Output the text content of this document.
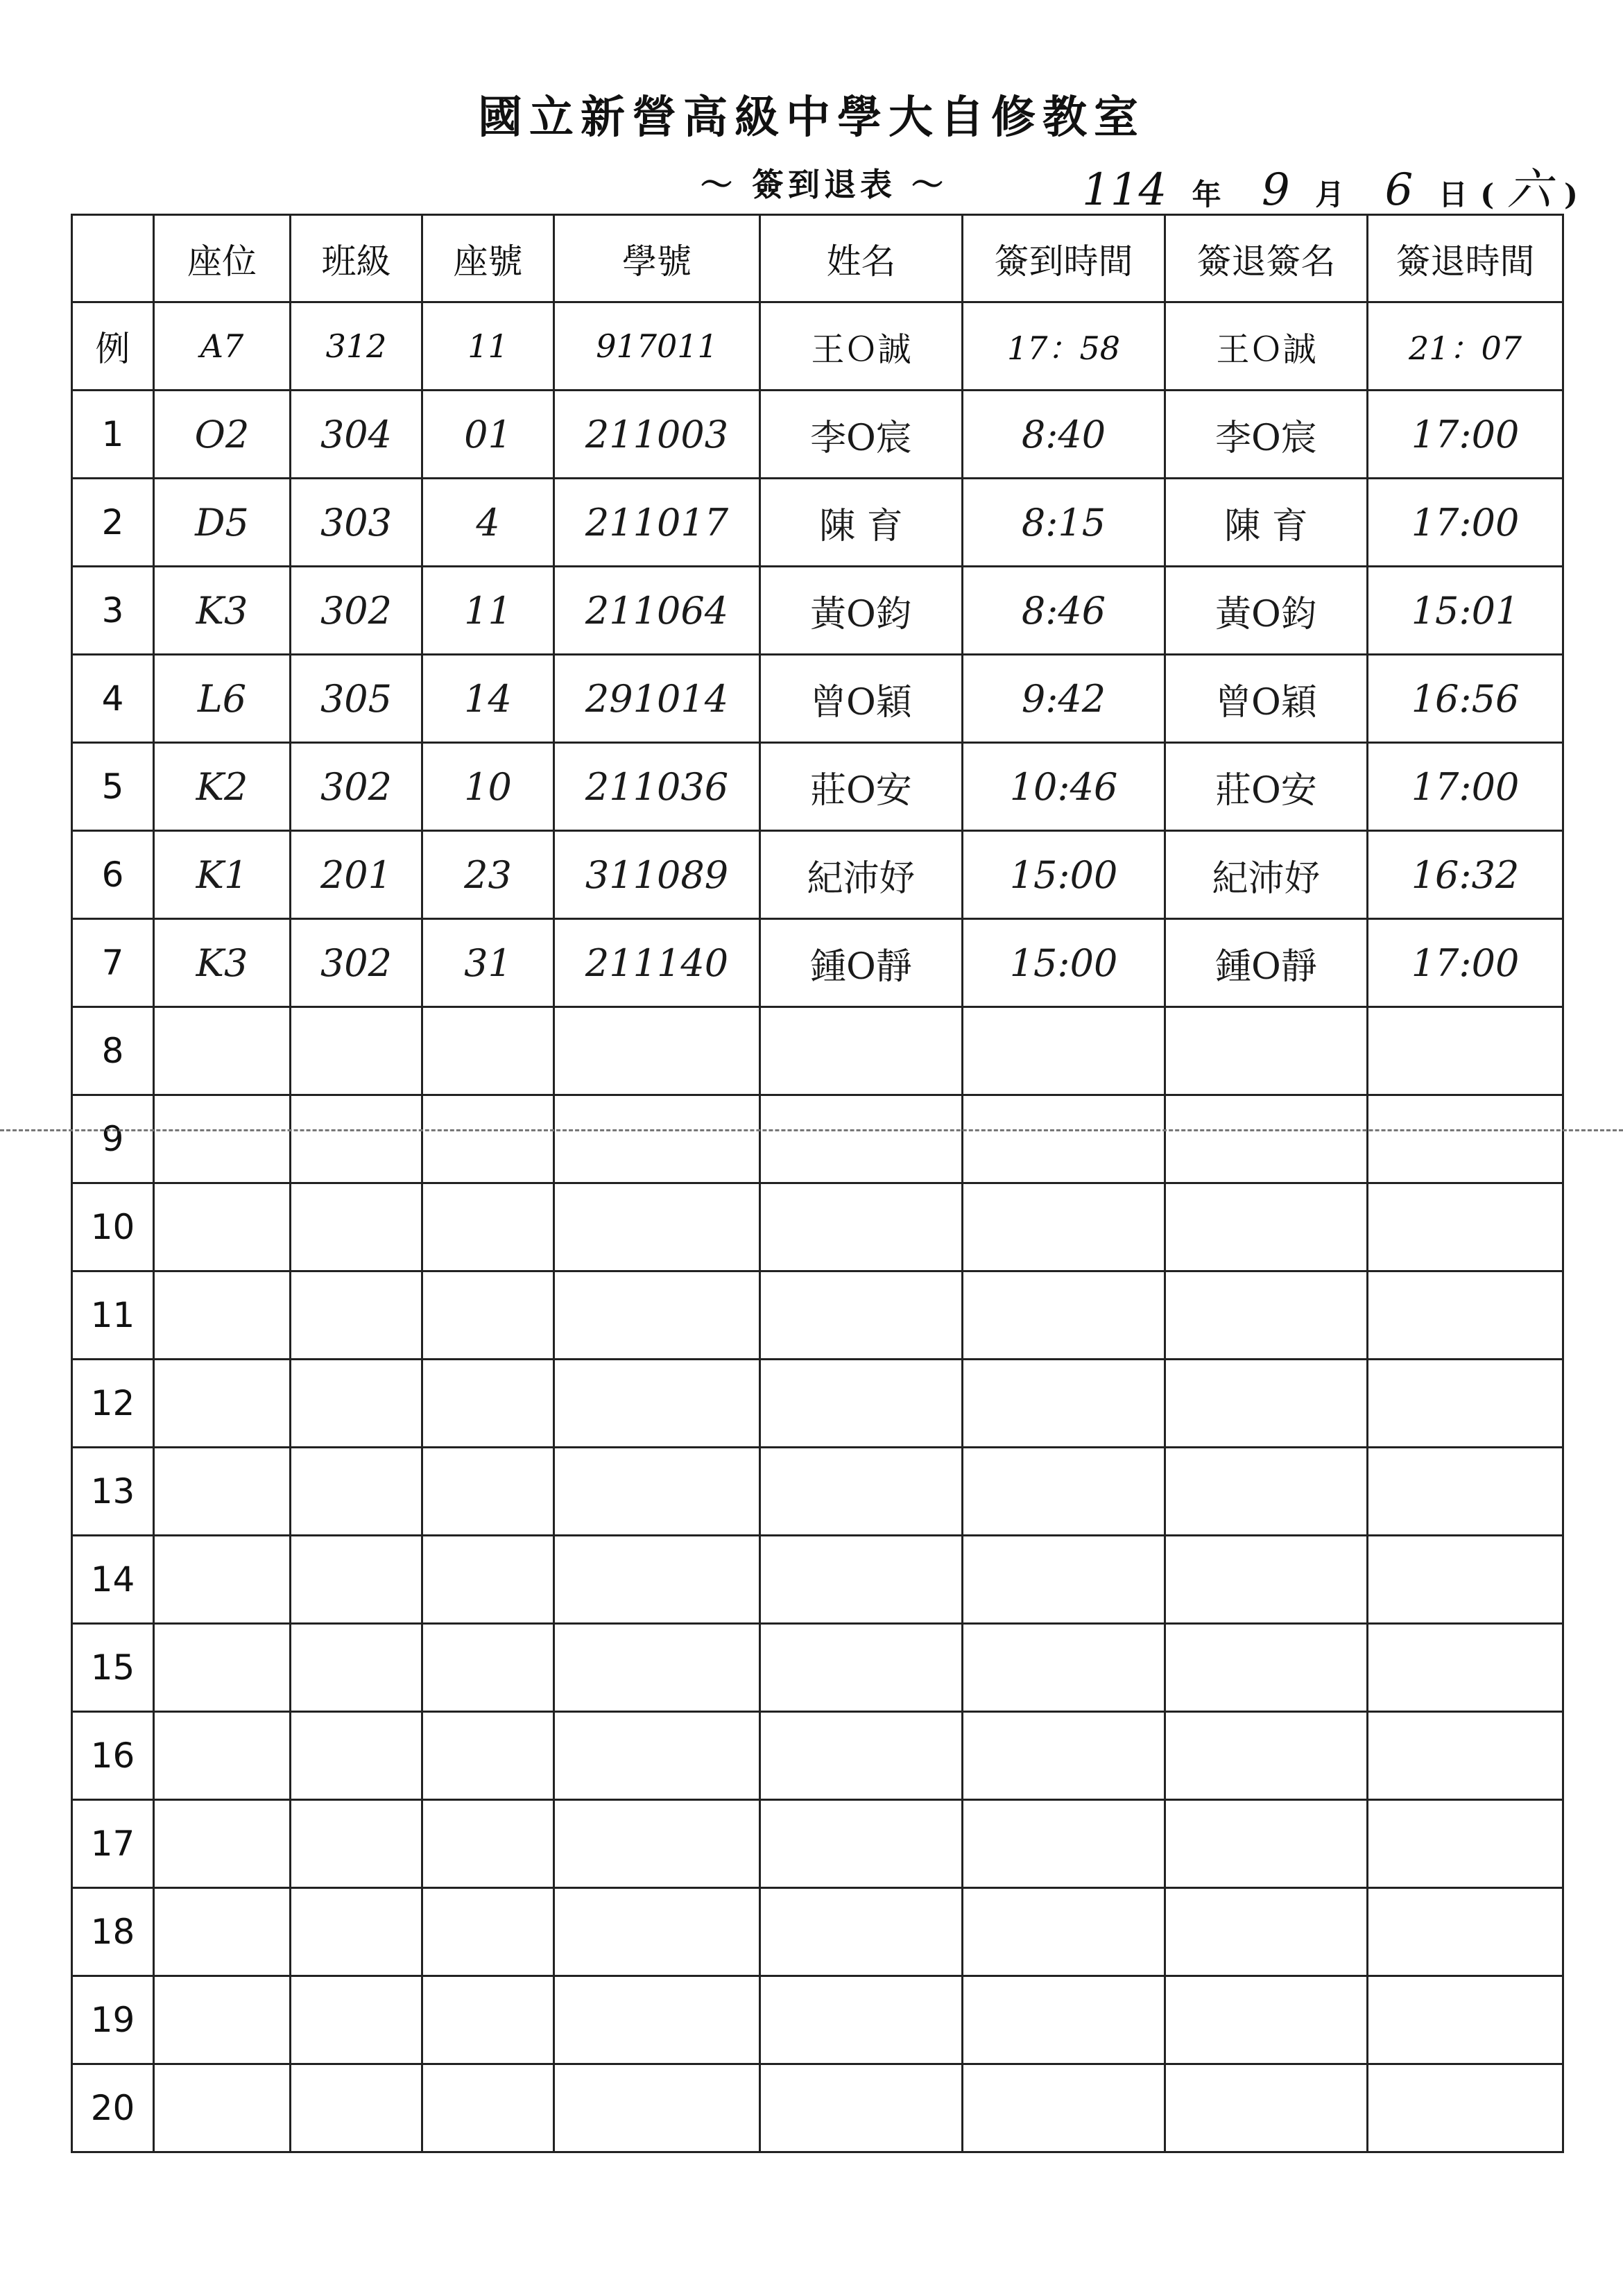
國立新營高級中學大自修教室
～ 簽到退表 ～	114 年 9 月 6 日 ( 六 )
	座位	班級	座號	學號	姓名	簽到時間	簽退簽名	簽退時間
例	A7	312	11	917011	王Ｏ誠	17：58	王Ｏ誠	21：07
1	O2	304	01	211003	李O宸	8:40	李O宸	17:00
2	D5	303	4	211017	陳 育	8:15	陳 育	17:00
3	K3	302	11	211064	黃O鈞	8:46	黃O鈞	15:01
4	L6	305	14	291014	曾O穎	9:42	曾O穎	16:56
5	K2	302	10	211036	莊O安	10:46	莊O安	17:00
6	K1	201	23	311089	紀沛妤	15:00	紀沛妤	16:32
7	K3	302	31	211140	鍾O靜	15:00	鍾O靜	17:00
8								
9								
10								
11								
12								
13								
14								
15								
16								
17								
18								
19								
20								
